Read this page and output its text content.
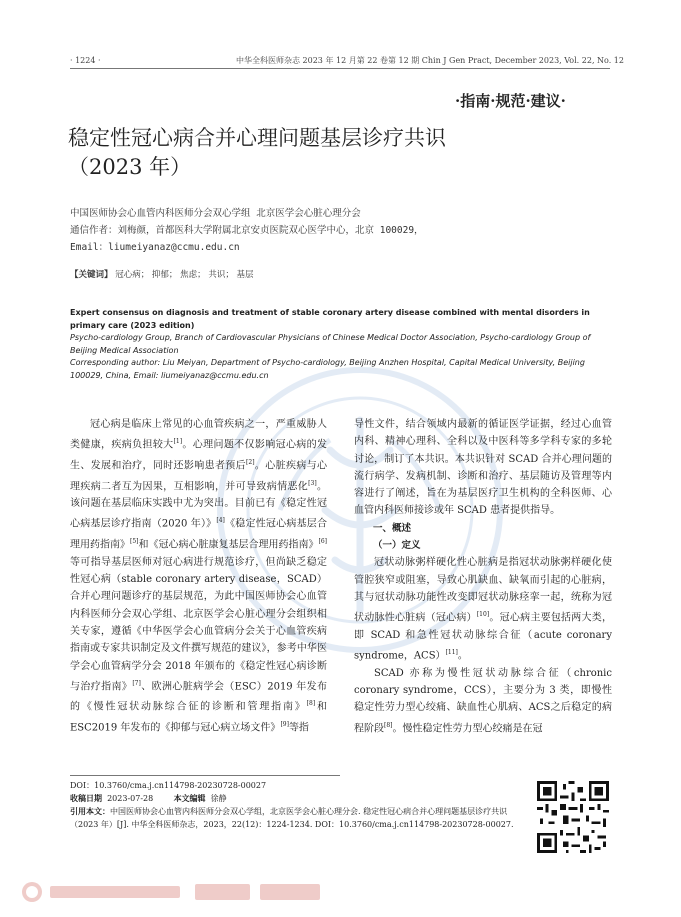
· 1224 ·	中华全科医师杂志 2023 年 12 月第 22 卷第 12 期 Chin J Gen Pract, December 2023, Vol. 22, No. 12
·指南·规范·建议·
稳定性冠心病合并心理问题基层诊疗共识
（2023 年）
中国医师协会心血管内科医师分会双心学组 北京医学会心脏心理分会
通信作者：刘梅颜，首都医科大学附属北京安贞医院双心医学中心，北京 100029，
Email：liumeiyanaz@ccmu.edu.cn
【关键词】 冠心病； 抑郁； 焦虑； 共识； 基层
Expert consensus on diagnosis and treatment of stable coronary artery disease combined with mental disorders in primary care (2023 edition)
Psycho-cardiology Group, Branch of Cardiovascular Physicians of Chinese Medical Doctor Association, Psycho-cardiology Group of Beijing Medical Association
Corresponding author: Liu Meiyan, Department of Psycho-cardiology, Beijing Anzhen Hospital, Capital Medical University, Beijing 100029, China, Email: liumeiyanaz@ccmu.edu.cn

冠心病是临床上常见的心血管疾病之一，严重威胁人类健康，疾病负担较大[1]。心理问题不仅影响冠心病的发生、发展和治疗，同时还影响患者预后[2]。心脏疾病与心理疾病二者互为因果，互相影响，并可导致病情恶化[3]。该问题在基层临床实践中尤为突出。目前已有《稳定性冠心病基层诊疗指南（2020 年）》[4]《稳定性冠心病基层合理用药指南》[5]和《冠心病心脏康复基层合理用药指南》[6]等可指导基层医师对冠心病进行规范诊疗，但尚缺乏稳定性冠心病（stable coronary artery disease，SCAD）合并心理问题诊疗的基层规范，为此中国医师协会心血管内科医师分会双心学组、北京医学会心脏心理分会组织相关专家，遵循《中华医学会心血管病分会关于心血管疾病指南或专家共识制定及文件撰写规范的建议》，参考中华医学会心血管病学分会 2018 年颁布的《稳定性冠心病诊断与治疗指南》[7]、欧洲心脏病学会（ESC）2019 年发布的《慢性冠状动脉综合征的诊断和管理指南》[8]和 ESC2019 年发布的《抑郁与冠心病立场文件》[9]等指

导性文件，结合领域内最新的循证医学证据，经过心血管内科、精神心理科、全科以及中医科等多学科专家的多轮讨论，制订了本共识。本共识针对 SCAD 合并心理问题的流行病学、发病机制、诊断和治疗、基层随访及管理等内容进行了阐述，旨在为基层医疗卫生机构的全科医师、心血管内科医师接诊或年 SCAD 患者提供指导。

一、概述

（一）定义

冠状动脉粥样硬化性心脏病是指冠状动脉粥样硬化使管腔狭窄或阻塞，导致心肌缺血、缺氧而引起的心脏病，其与冠状动脉功能性改变即冠状动脉痉挛一起，统称为冠状动脉性心脏病（冠心病）[10]。冠心病主要包括两大类，即 SCAD 和急性冠状动脉综合征（acute coronary syndrome，ACS）[11]。

SCAD 亦称为慢性冠状动脉综合征（chronic coronary syndrome，CCS），主要分为 3 类，即慢性稳定性劳力型心绞痛、缺血性心肌病、ACS之后稳定的病程阶段[8]。慢性稳定性劳力型心绞痛是在冠

DOI：10.3760/cma.j.cn114798-20230728-00027
收稿日期 2023-07-28	本文编辑 徐静
引用本文：中国医师协会心血管内科医师分会双心学组，北京医学会心脏心理分会. 稳定性冠心病合并心理问题基层诊疗共识（2023 年）[J]. 中华全科医师杂志，2023，22(12)：1224-1234. DOI：10.3760/cma.j.cn114798-20230728-00027.
